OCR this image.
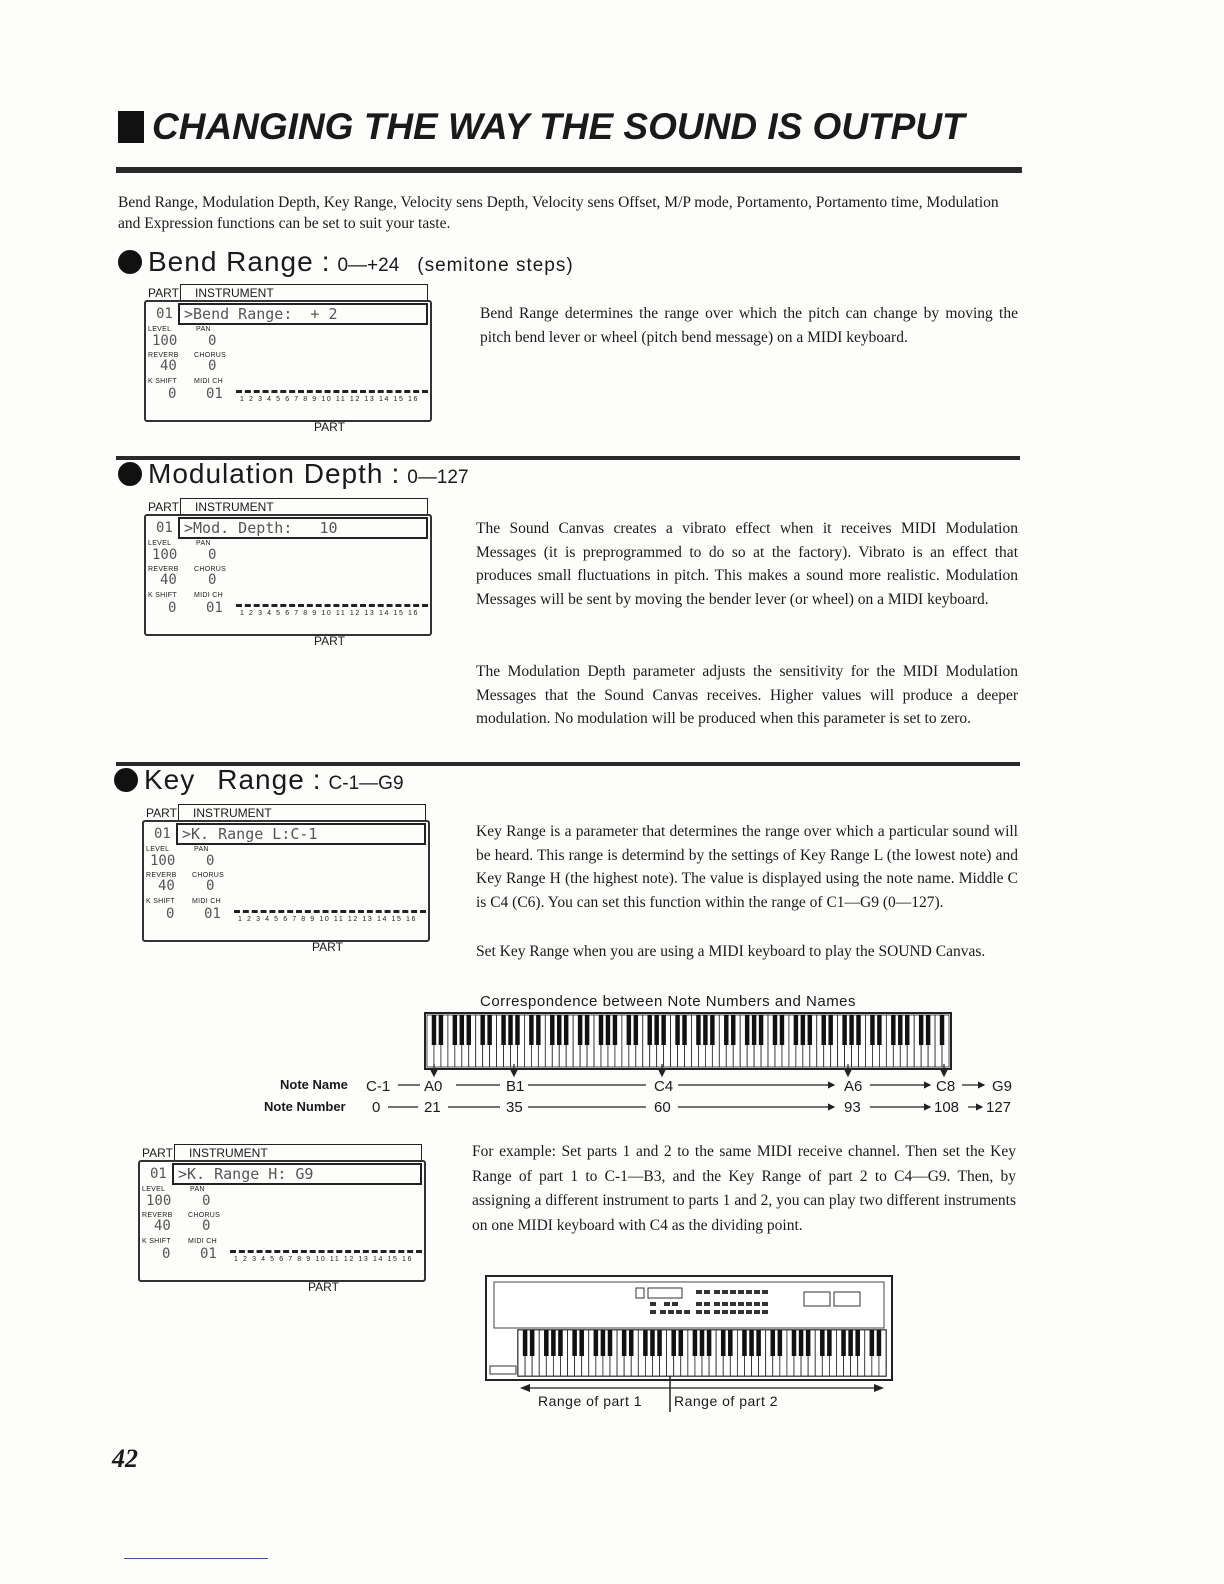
CHANGING THE WAY THE SOUND IS OUTPUT
Bend Range, Modulation Depth, Key Range, Velocity sens Depth, Velocity sens Offset, M/P mode, Portamento, Portamento time, Modulation and Expression functions can be set to suit your taste.
Bend Range : 0—+24 (semitone steps)
PART	INSTRUMENT
01 >Bend Range:  + 2
LEVEL	PAN
100 0
REVERB CHORUS
40 0
K SHIFT MIDI CH
0 01 1 2 3 4 5 6 7 8 9 10 11 12 13 14 15 16
PART
Bend Range determines the range over which the pitch can change by moving the pitch bend lever or wheel (pitch bend message) on a MIDI keyboard.
Modulation Depth : 0—127
PART	INSTRUMENT
01 >Mod. Depth:   10
LEVEL	PAN
100 0
REVERB CHORUS
40 0
K SHIFT MIDI CH
0 01 1 2 3 4 5 6 7 8 9 10 11 12 13 14 15 16
PART
The Sound Canvas creates a vibrato effect when it receives MIDI Modulation Messages (it is preprogrammed to do so at the factory). Vibrato is an effect that produces small fluctuations in pitch. This makes a sound more realistic. Modulation Messages will be sent by moving the bender lever (or wheel) on a MIDI keyboard.
The Modulation Depth parameter adjusts the sensitivity for the MIDI Modulation Messages that the Sound Canvas receives. Higher values will produce a deeper modulation. No modulation will be produced when this parameter is set to zero.
Key Range : C-1—G9
PART	INSTRUMENT
01 >K. Range L:C-1
LEVEL	PAN
100 0
REVERB CHORUS
40 0
K SHIFT MIDI CH
0 01 1 2 3 4 5 6 7 8 9 10 11 12 13 14 15 16
PART
Key Range is a parameter that determines the range over which a particular sound will be heard. This range is determind by the settings of Key Range L (the lowest note) and Key Range H (the highest note). The value is displayed using the note name. Middle C is C4 (C6). You can set this function within the range of C1—G9 (0—127).
Set Key Range when you are using a MIDI keyboard to play the SOUND Canvas.
Correspondence between Note Numbers and Names
Note Name
Note Number
C-1 A0	B1	C4	A6	C8 G9
0	21	35	60	93	108 127
PART	INSTRUMENT
01 >K. Range H: G9
LEVEL	PAN
100 0
REVERB CHORUS
40 0
K SHIFT MIDI CH
0 01 1 2 3 4 5 6 7 8 9 10 11 12 13 14 15 16
PART
For example: Set parts 1 and 2 to the same MIDI receive channel. Then set the Key Range of part 1 to C-1—B3, and the Key Range of part 2 to C4—G9. Then, by assigning a different instrument to parts 1 and 2, you can play two different instruments on one MIDI keyboard with C4 as the dividing point.
Range of part 1 Range of part 2
42
